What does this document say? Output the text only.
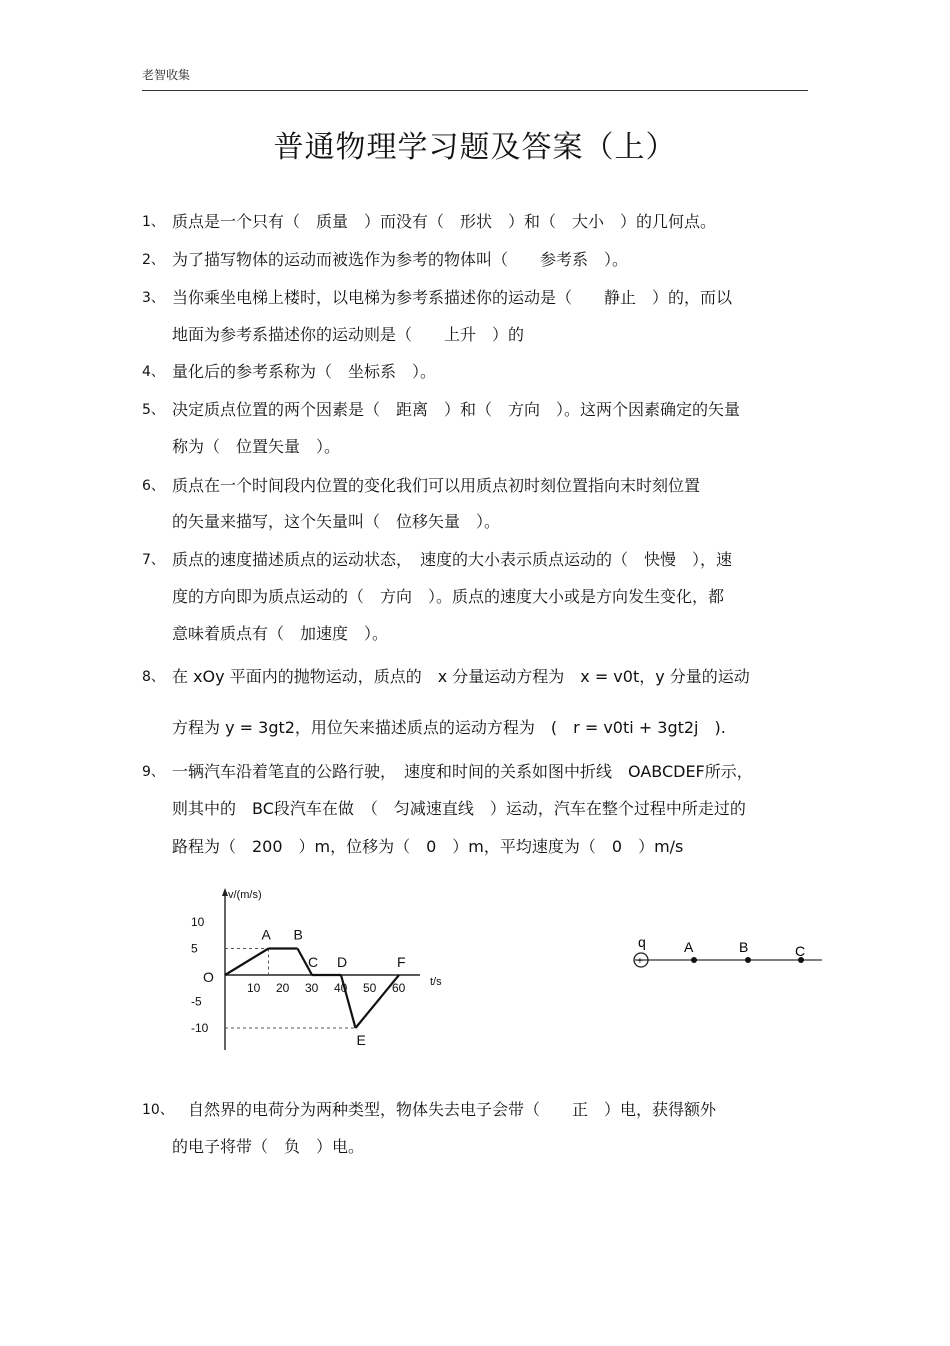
老智收集
普通物理学习题及答案（上）
1、 质点是一个只有（　质量　）而没有（　形状　）和（　大小　）的几何点。
2、 为了描写物体的运动而被选作为参考的物体叫（　　参考系　）。
3、 当你乘坐电梯上楼时，以电梯为参考系描述你的运动是（　　静止　）的，而以
地面为参考系描述你的运动则是（　　上升　）的
4、 量化后的参考系称为（　坐标系　）。
5、 决定质点位置的两个因素是（　距离　）和（　方向　）。这两个因素确定的矢量
称为（　位置矢量　）。
6、 质点在一个时间段内位置的变化我们可以用质点初时刻位置指向末时刻位置
的矢量来描写，这个矢量叫（　位移矢量　）。
7、 质点的速度描述质点的运动状态，　速度的大小表示质点运动的（　快慢　），速
度的方向即为质点运动的（　方向　）。质点的速度大小或是方向发生变化，都
意味着质点有（　加速度　）。
8、 在 xOy 平面内的抛物运动，质点的　x 分量运动方程为　x = v0t，y 分量的运动
方程为 y = 3gt2，用位矢来描述质点的运动方程为　(　r = v0ti + 3gt2j　).
9、 一辆汽车沿着笔直的公路行驶，　速度和时间的关系如图中折线　OABCDEF所示，
则其中的　BC段汽车在做　（　匀减速直线　）运动，汽车在整个过程中所走过的
路程为（　200　）m，位移为（　0　）m，平均速度为（　0　）m/s
v/(m/s)
t/s
O
10 20 30 40 50 60
10
5
-5
-10
A B
C D
E
F	+
q	A	B	C
10、 自然界的电荷分为两种类型，物体失去电子会带（　　正　）电，获得额外
的电子将带（　负　）电。
